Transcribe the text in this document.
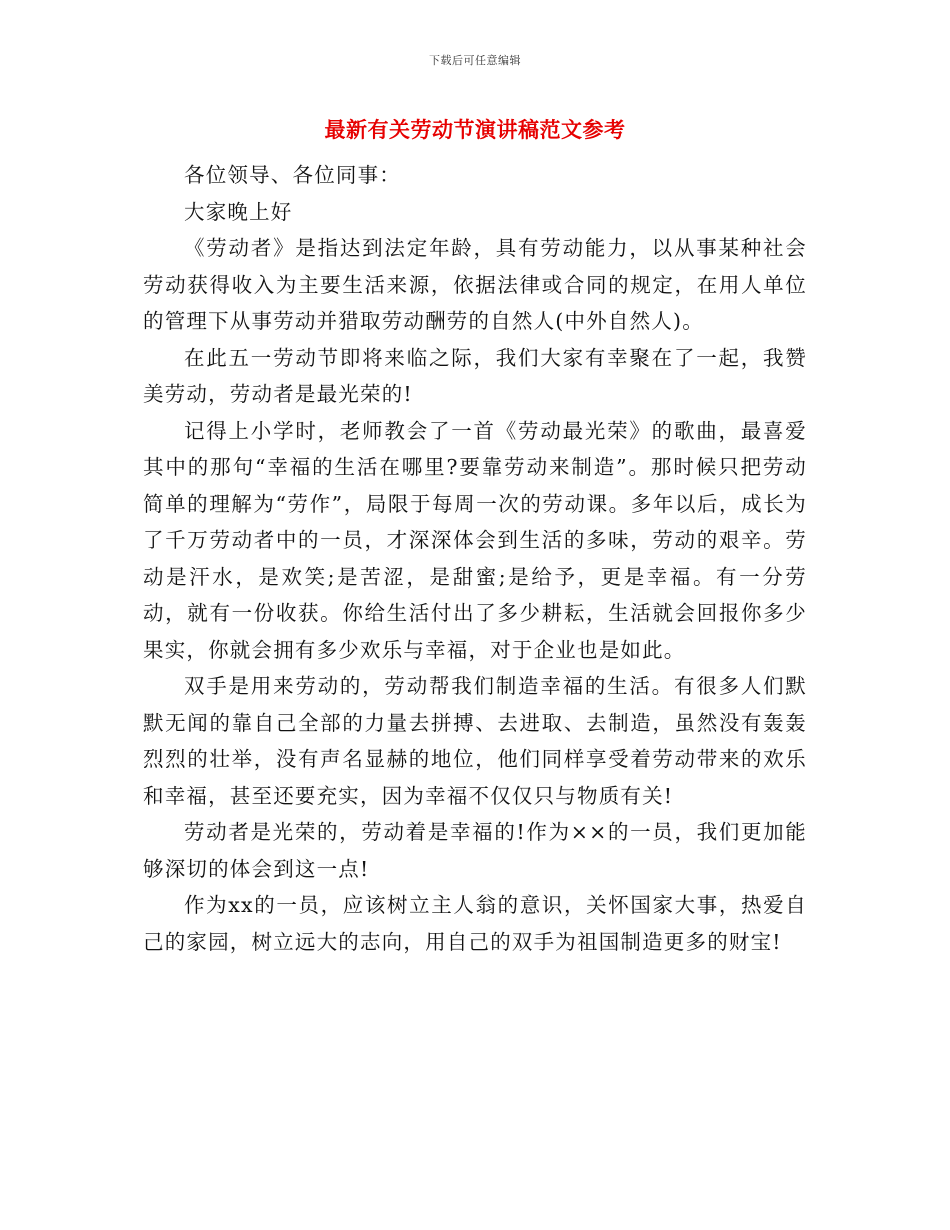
下载后可任意编辑
最新有关劳动节演讲稿范文参考

各位领导、各位同事：

大家晚上好

《劳动者》是指达到法定年龄，具有劳动能力，以从事某种社会劳动获得收入为主要生活来源，依据法律或合同的规定，在用人单位的管理下从事劳动并猎取劳动酬劳的自然人(中外自然人)。

在此五一劳动节即将来临之际，我们大家有幸聚在了一起，我赞美劳动，劳动者是最光荣的!

记得上小学时，老师教会了一首《劳动最光荣》的歌曲，最喜爱其中的那句“幸福的生活在哪里?要靠劳动来制造”。那时候只把劳动简单的理解为“劳作”，局限于每周一次的劳动课。多年以后，成长为了千万劳动者中的一员，才深深体会到生活的多味，劳动的艰辛。劳动是汗水，是欢笑;是苦涩，是甜蜜;是给予，更是幸福。有一分劳动，就有一份收获。你给生活付出了多少耕耘，生活就会回报你多少果实，你就会拥有多少欢乐与幸福，对于企业也是如此。

双手是用来劳动的，劳动帮我们制造幸福的生活。有很多人们默默无闻的靠自己全部的力量去拼搏、去进取、去制造，虽然没有轰轰烈烈的壮举，没有声名显赫的地位，他们同样享受着劳动带来的欢乐和幸福，甚至还要充实，因为幸福不仅仅只与物质有关!

劳动者是光荣的，劳动着是幸福的!作为××的一员，我们更加能够深切的体会到这一点!

作为xx的一员，应该树立主人翁的意识，关怀国家大事，热爱自己的家园，树立远大的志向，用自己的双手为祖国制造更多的财宝!
